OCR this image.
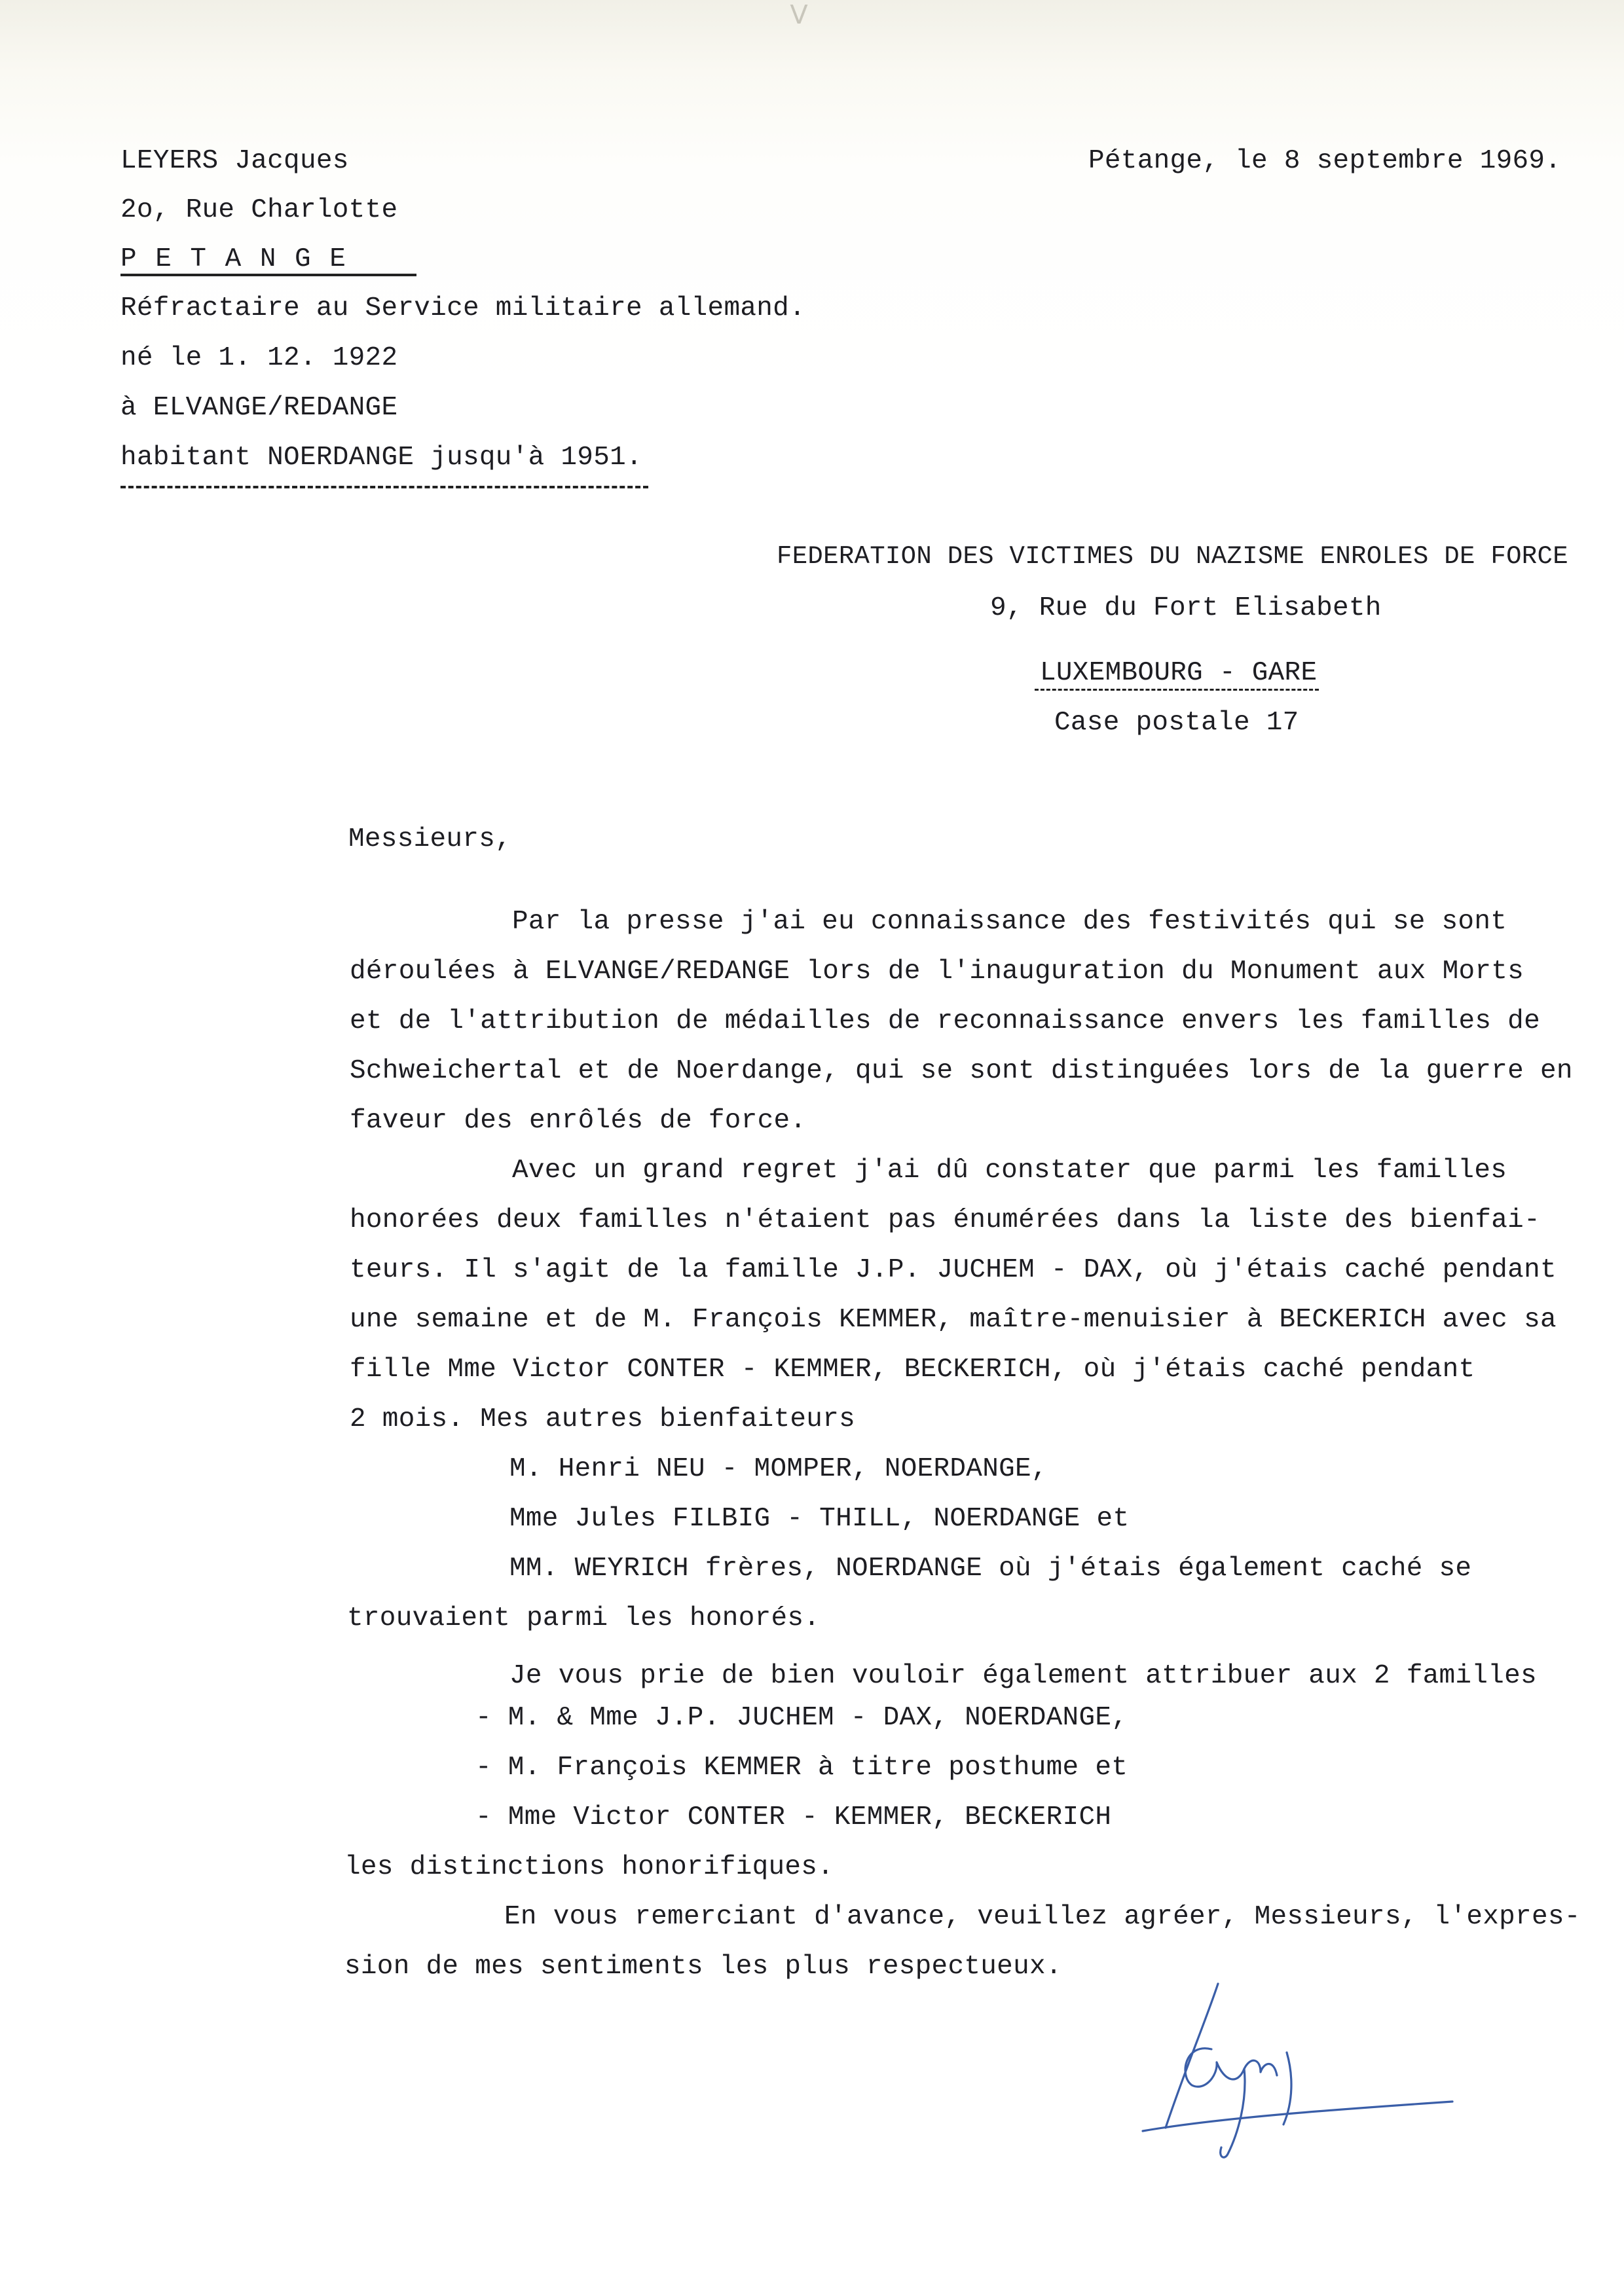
ᐯ
LEYERS Jacques
2o, Rue Charlotte
P E T A N G E
Réfractaire au Service militaire allemand.
né le 1. 12. 1922
à ELVANGE/REDANGE
habitant NOERDANGE jusqu'à 1951.
Pétange, le 8 septembre 1969.
FEDERATION DES VICTIMES DU NAZISME ENROLES DE FORCE
9, Rue du Fort Elisabeth
LUXEMBOURG - GARE
Case postale 17
Messieurs,
Par la presse j'ai eu connaissance des festivités qui se sont
déroulées à ELVANGE/REDANGE lors de l'inauguration du Monument aux Morts
et de l'attribution de médailles de reconnaissance envers les familles de
Schweichertal et de Noerdange, qui se sont distinguées lors de la guerre en
faveur des enrôlés de force.
Avec un grand regret j'ai dû constater que parmi les familles
honorées deux familles n'étaient pas énumérées dans la liste des bienfai-
teurs. Il s'agit de la famille J.P. JUCHEM - DAX, où j'étais caché pendant
une semaine et de M. François KEMMER, maître-menuisier à BECKERICH avec sa
fille Mme Victor CONTER - KEMMER, BECKERICH, où j'étais caché pendant
2 mois. Mes autres bienfaiteurs
M. Henri NEU - MOMPER, NOERDANGE,
Mme Jules FILBIG - THILL, NOERDANGE et
MM. WEYRICH frères, NOERDANGE où j'étais également caché se
trouvaient parmi les honorés.
Je vous prie de bien vouloir également attribuer aux 2 familles
- M. & Mme J.P. JUCHEM - DAX, NOERDANGE,
- M. François KEMMER à titre posthume et
- Mme Victor CONTER - KEMMER, BECKERICH
les distinctions honorifiques.
En vous remerciant d'avance, veuillez agréer, Messieurs, l'expres-
sion de mes sentiments les plus respectueux.
